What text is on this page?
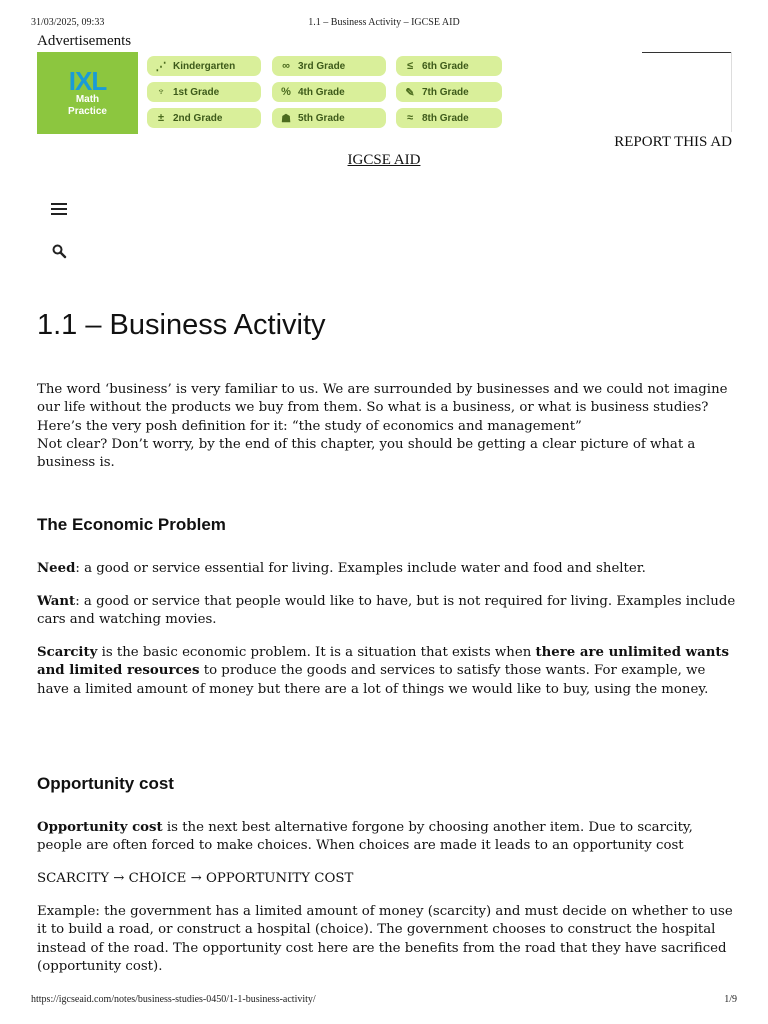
31/03/2025, 09:33	1.1 – Business Activity – IGCSE AID
Advertisements
IXL
Math
Practice
⋰ Kindergarten	∞ 3rd Grade	≤ 6th Grade
♆ 1st Grade	% 4th Grade	✎ 7th Grade
± 2nd Grade	☗ 5th Grade	≈ 8th Grade
REPORT THIS AD
IGCSE AID
1.1 – Business Activity

The word ‘business’ is very familiar to us. We are surrounded by businesses and we could not imagine our life without the products we buy from them. So what is a business, or what is business studies? Here’s the very posh definition for it: “the study of economics and management”
Not clear? Don’t worry, by the end of this chapter, you should be getting a clear picture of what a business is.

The Economic Problem

Need: a good or service essential for living. Examples include water and food and shelter.

Want: a good or service that people would like to have, but is not required for living. Examples include cars and watching movies.

Scarcity is the basic economic problem. It is a situation that exists when there are unlimited wants and limited resources to produce the goods and services to satisfy those wants. For example, we have a limited amount of money but there are a lot of things we would like to buy, using the money.

Opportunity cost

Opportunity cost is the next best alternative forgone by choosing another item. Due to scarcity, people are often forced to make choices. When choices are made it leads to an opportunity cost

SCARCITY → CHOICE → OPPORTUNITY COST

Example: the government has a limited amount of money (scarcity) and must decide on whether to use it to build a road, or construct a hospital (choice). The government chooses to construct the hospital instead of the road. The opportunity cost here are the benefits from the road that they have sacrificed (opportunity cost).

https://igcseaid.com/notes/business-studies-0450/1-1-business-activity/	1/9
